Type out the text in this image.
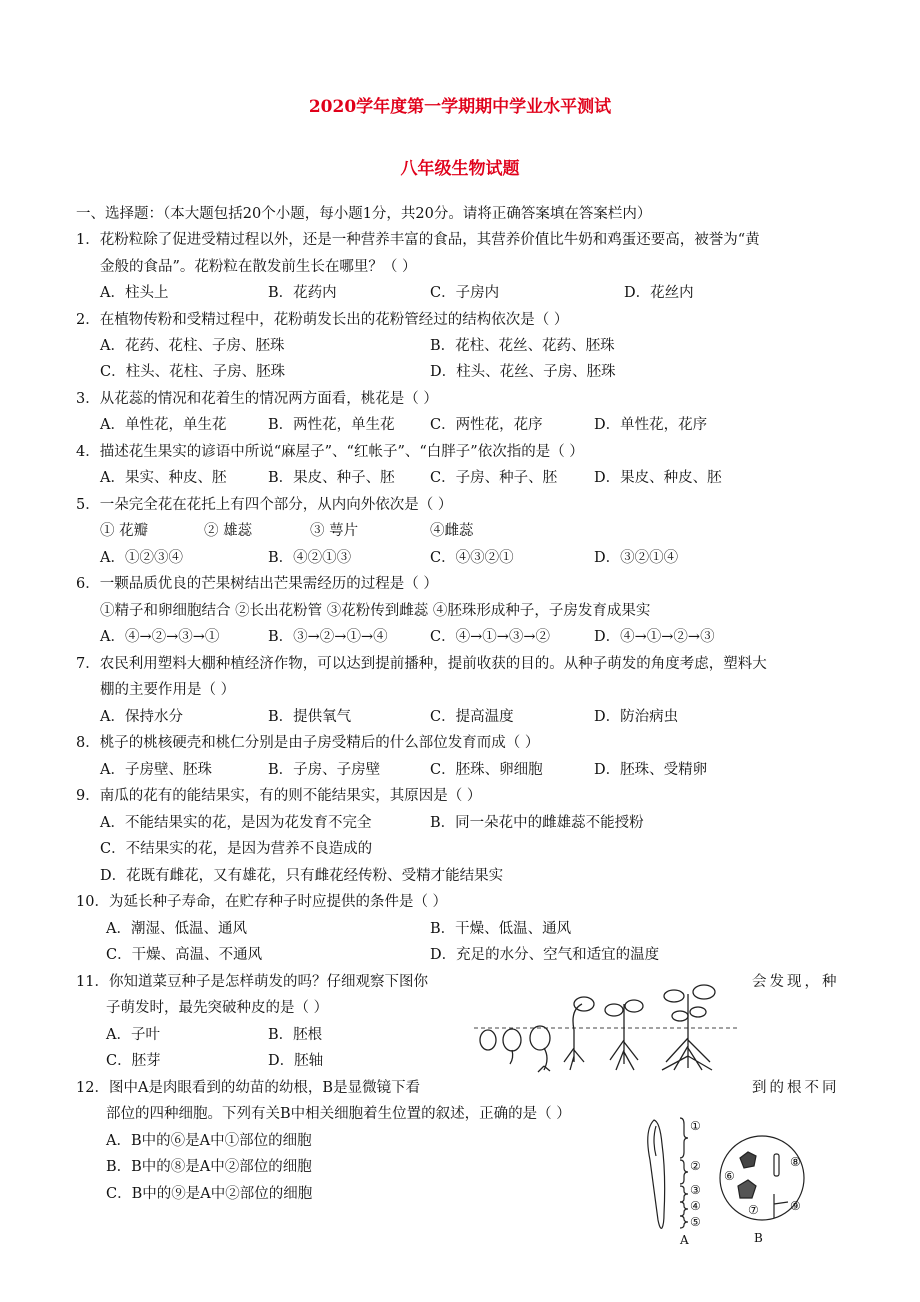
2020学年度第一学期期中学业水平测试
八年级生物试题
一、选择题：（本大题包括20个小题，每小题1分，共20分。请将正确答案填在答案栏内）
1．花粉粒除了促进受精过程以外，还是一种营养丰富的食品，其营养价值比牛奶和鸡蛋还要高，被誉为“黄
金般的食品”。花粉粒在散发前生长在哪里？（ ）
A．柱头上	B．花药内	C．子房内	D．花丝内
2．在植物传粉和受精过程中，花粉萌发长出的花粉管经过的结构依次是（ ）
A．花药、花柱、子房、胚珠	B．花柱、花丝、花药、胚珠
C．柱头、花柱、子房、胚珠	D．柱头、花丝、子房、胚珠
3．从花蕊的情况和花着生的情况两方面看，桃花是（ ）
A．单性花，单生花	B．两性花，单生花 C．两性花，花序	D．单性花，花序
4．描述花生果实的谚语中所说“麻屋子”、“红帐子”、“白胖子”依次指的是（ ）
A．果实、种皮、胚	B．果皮、种子、胚 C．子房、种子、胚	D．果皮、种皮、胚
5．一朵完全花在花托上有四个部分，从内向外依次是（ ）
① 花瓣	② 雄蕊	③ 萼片	④雌蕊
A．①②③④	B．④②①③	C．④③②①	D．③②①④
6．一颗品质优良的芒果树结出芒果需经历的过程是（ ）
①精子和卵细胞结合 ②长出花粉管 ③花粉传到雌蕊 ④胚珠形成种子，子房发育成果实
A．④→②→③→①	B．③→②→①→④	C．④→①→③→②	D．④→①→②→③
7．农民利用塑料大棚种植经济作物，可以达到提前播种，提前收获的目的。从种子萌发的角度考虑，塑料大
棚的主要作用是（ ）
A．保持水分	B．提供氧气	C．提高温度	D．防治病虫
8．桃子的桃核硬壳和桃仁分别是由子房受精后的什么部位发育而成（ ）
A．子房壁、胚珠	B．子房、子房壁	C．胚珠、卵细胞	D．胚珠、受精卵
9．南瓜的花有的能结果实，有的则不能结果实，其原因是（ ）
A．不能结果实的花，是因为花发育不完全	B．同一朵花中的雌雄蕊不能授粉
C．不结果实的花，是因为营养不良造成的
D．花既有雌花，又有雄花，只有雌花经传粉、受精才能结果实
10．为延长种子寿命，在贮存种子时应提供的条件是（ ）
A．潮湿、低温、通风	B．干燥、低温、通风
C．干燥、高温、不通风	D．充足的水分、空气和适宜的温度
11．你知道菜豆种子是怎样萌发的吗？仔细观察下图你	会发现，种
子萌发时，最先突破种皮的是（ ）
A．子叶	B．胚根
C．胚芽	D．胚轴
12．图中A是肉眼看到的幼苗的幼根，B是显微镜下看	到的根不同
部位的四种细胞。下列有关B中相关细胞着生位置的叙述，正确的是（ ）
A．B中的⑥是A中①部位的细胞
B．B中的⑧是A中②部位的细胞
C．B中的⑨是A中②部位的细胞
①
②
③
④
⑤
⑥
⑦
⑧
⑨
A	B
